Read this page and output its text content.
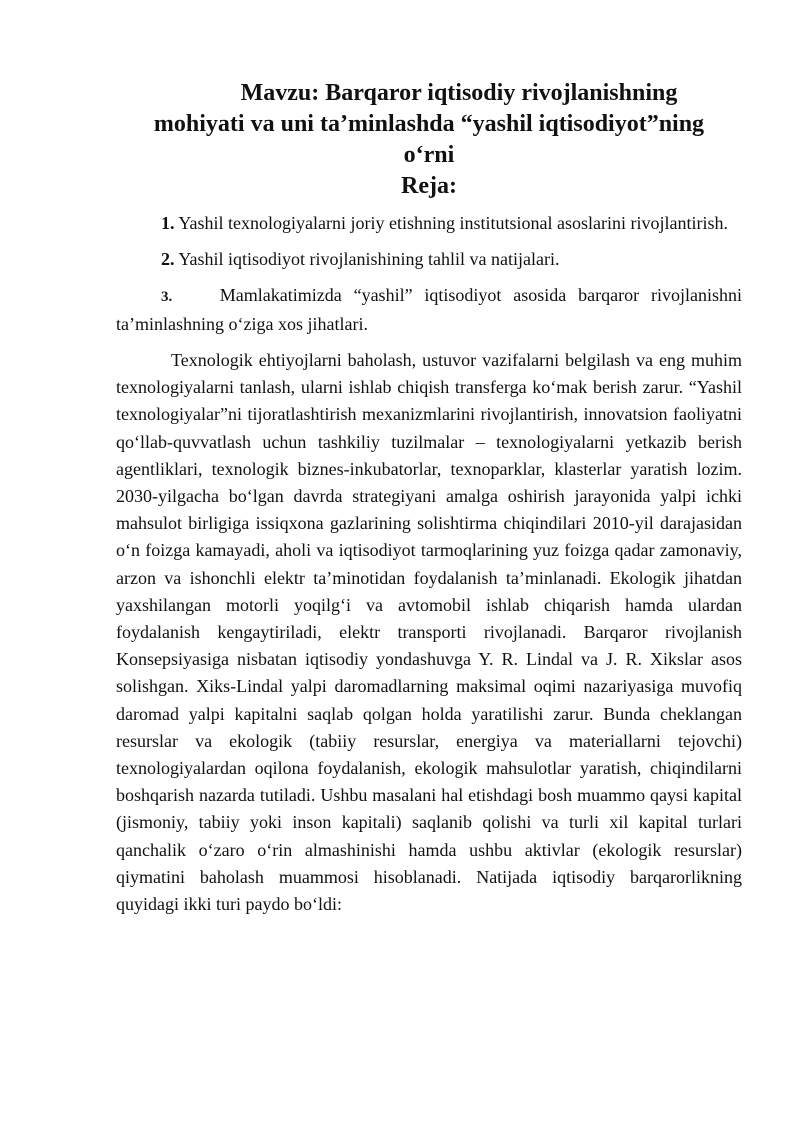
Mavzu: Barqaror iqtisodiy rivojlanishning
mohiyati va uni ta’minlashda “yashil iqtisodiyot”ning
o‘rni
Reja:

1. Yashil texnologiyalarni joriy etishning institutsional asoslarini rivojlantirish.

2. Yashil iqtisodiyot rivojlanishining tahlil va natijalari.

3.	Mamlakatimizda “yashil” iqtisodiyot asosida barqaror rivojlanishni ta’minlashning o‘ziga xos jihatlari.

Texnologik ehtiyojlarni baholash, ustuvor vazifalarni belgilash va eng muhim texnologiyalarni tanlash, ularni ishlab chiqish transferga ko‘mak berish zarur. “Yashil texnologiyalar”ni tijoratlashtirish mexanizmlarini rivojlantirish, innovatsion faoliyatni qo‘llab-quvvatlash uchun tashkiliy tuzilmalar – texnologiyalarni yetkazib berish agentliklari, texnologik biznes-inkubatorlar, texnoparklar, klasterlar yaratish lozim. 2030-yilgacha bo‘lgan davrda strategiyani amalga oshirish jarayonida yalpi ichki mahsulot birligiga issiqxona gazlarining solishtirma chiqindilari 2010-yil darajasidan o‘n foizga kamayadi, aholi va iqtisodiyot tarmoqlarining yuz foizga qadar zamonaviy, arzon va ishonchli elektr ta’minotidan foydalanish ta’minlanadi. Ekologik jihatdan yaxshilangan motorli yoqilg‘i va avtomobil ishlab chiqarish hamda ulardan foydalanish kengaytiriladi, elektr transporti rivojlanadi. Barqaror rivojlanish Konsepsiyasiga nisbatan iqtisodiy yondashuvga Y. R. Lindal va J. R. Xikslar asos solishgan. Xiks-Lindal yalpi daromadlarning maksimal oqimi nazariyasiga muvofiq daromad yalpi kapitalni saqlab qolgan holda yaratilishi zarur. Bunda cheklangan resurslar va ekologik (tabiiy resurslar, energiya va materiallarni tejovchi) texnologiyalardan oqilona foydalanish, ekologik mahsulotlar yaratish, chiqindilarni boshqarish nazarda tutiladi. Ushbu masalani hal etishdagi bosh muammo qaysi kapital (jismoniy, tabiiy yoki inson kapitali) saqlanib qolishi va turli xil kapital turlari qanchalik o‘zaro o‘rin almashinishi hamda ushbu aktivlar (ekologik resurslar) qiymatini baholash muammosi hisoblanadi. Natijada iqtisodiy barqarorlikning quyidagi ikki turi paydo bo‘ldi:
